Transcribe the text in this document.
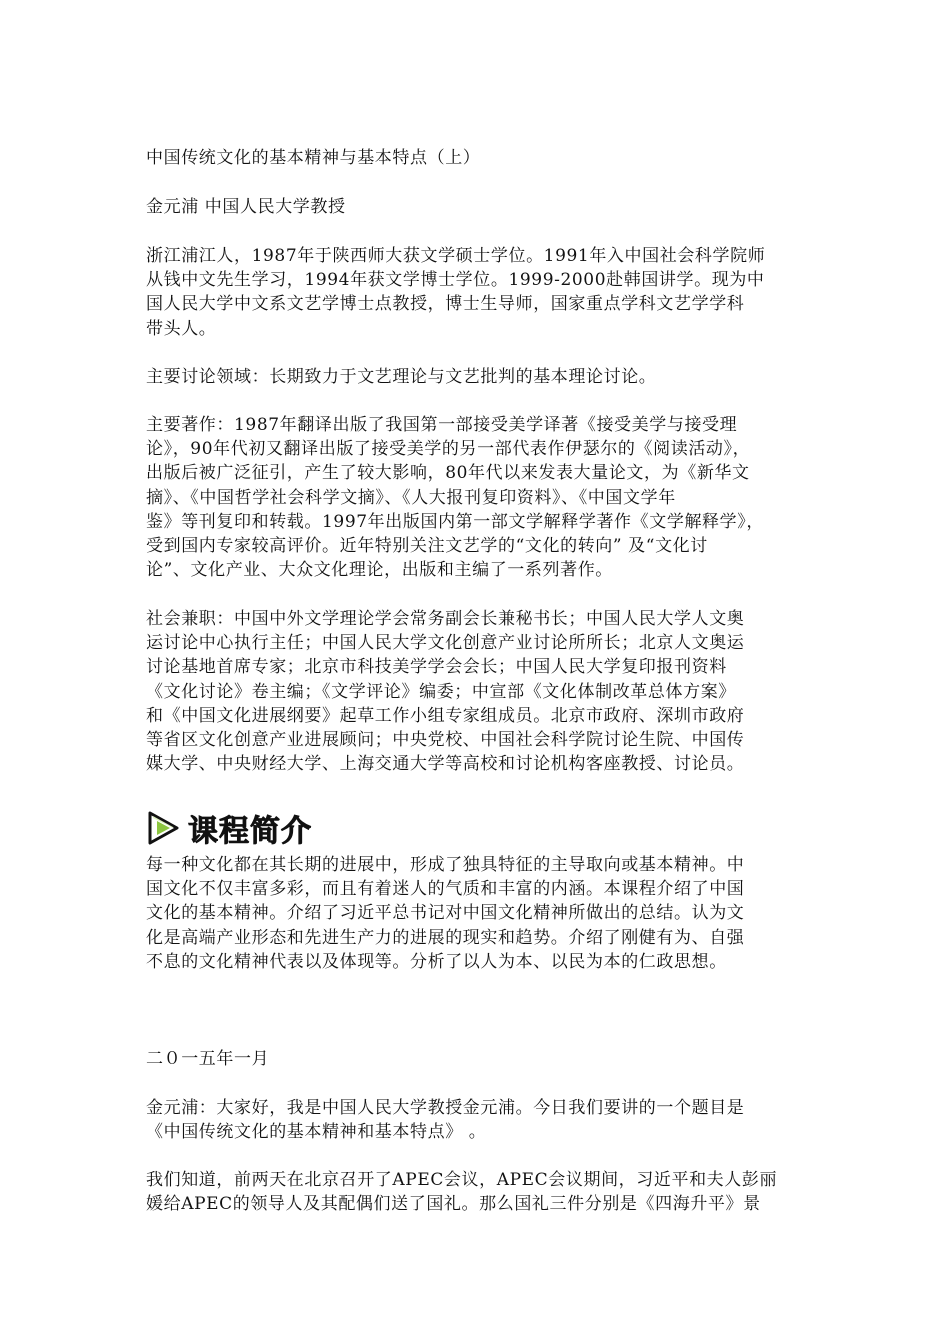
中国传统文化的基本精神与基本特点（上）

金元浦 中国人民大学教授

浙江浦江人，1987年于陕西师大获文学硕士学位。1991年入中国社会科学院师
从钱中文先生学习，1994年获文学博士学位。1999-2000赴韩国讲学。现为中
国人民大学中文系文艺学博士点教授，博士生导师，国家重点学科文艺学学科
带头人。

主要讨论领域：长期致力于文艺理论与文艺批判的基本理论讨论。

主要著作：1987年翻译出版了我国第一部接受美学译著《接受美学与接受理
论》，90年代初又翻译出版了接受美学的另一部代表作伊瑟尔的《阅读活动》，
出版后被广泛征引，产生了较大影响，80年代以来发表大量论文，为《新华文
摘》、《中国哲学社会科学文摘》、《人大报刊复印资料》、《中国文学年
鉴》等刊复印和转载。1997年出版国内第一部文学解释学著作《文学解释学》，
受到国内专家较高评价。近年特别关注文艺学的“文化的转向” 及“文化讨
论”、文化产业、大众文化理论，出版和主编了一系列著作。

社会兼职：中国中外文学理论学会常务副会长兼秘书长；中国人民大学人文奥
运讨论中心执行主任；中国人民大学文化创意产业讨论所所长；北京人文奥运
讨论基地首席专家；北京市科技美学学会会长；中国人民大学复印报刊资料
《文化讨论》卷主编；《文学评论》编委；中宣部《文化体制改革总体方案》
和《中国文化进展纲要》起草工作小组专家组成员。北京市政府、深圳市政府
等省区文化创意产业进展顾问；中央党校、中国社会科学院讨论生院、中国传
媒大学、中央财经大学、上海交通大学等高校和讨论机构客座教授、讨论员。

课程简介

每一种文化都在其长期的进展中，形成了独具特征的主导取向或基本精神。中
国文化不仅丰富多彩，而且有着迷人的气质和丰富的内涵。本课程介绍了中国
文化的基本精神。介绍了习近平总书记对中国文化精神所做出的总结。认为文
化是高端产业形态和先进生产力的进展的现实和趋势。介绍了刚健有为、自强
不息的文化精神代表以及体现等。分析了以人为本、以民为本的仁政思想。

二０一五年一月

金元浦：大家好，我是中国人民大学教授金元浦。今日我们要讲的一个题目是
《中国传统文化的基本精神和基本特点》 。

我们知道，前两天在北京召开了APEC会议，APEC会议期间，习近平和夫人彭丽
媛给APEC的领导人及其配偶们送了国礼。那么国礼三件分别是《四海升平》景
